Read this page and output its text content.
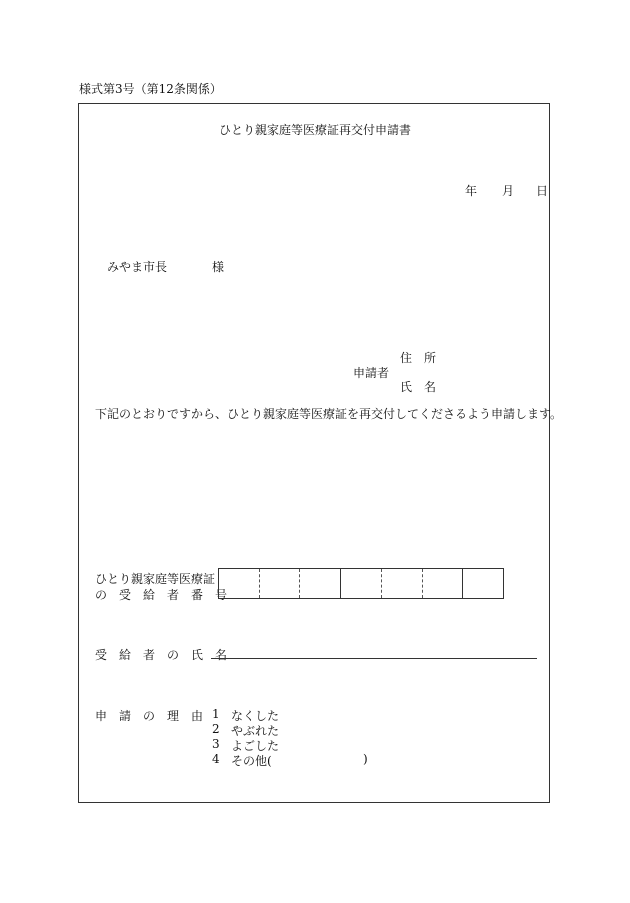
様式第3号（第12条関係）
ひとり親家庭等医療証再交付申請書
年 月 日
みやま市長	様
申請者
住　所
氏　名
下記のとおりですから、ひとり親家庭等医療証を再交付してくださるよう申請します。
ひとり親家庭等医療証
の　受　給　者　番　号
受　給　者　の　氏　名
申　請　の　理　由 1 なくした
2 やぶれた
3 よごした
4 その他(	)
